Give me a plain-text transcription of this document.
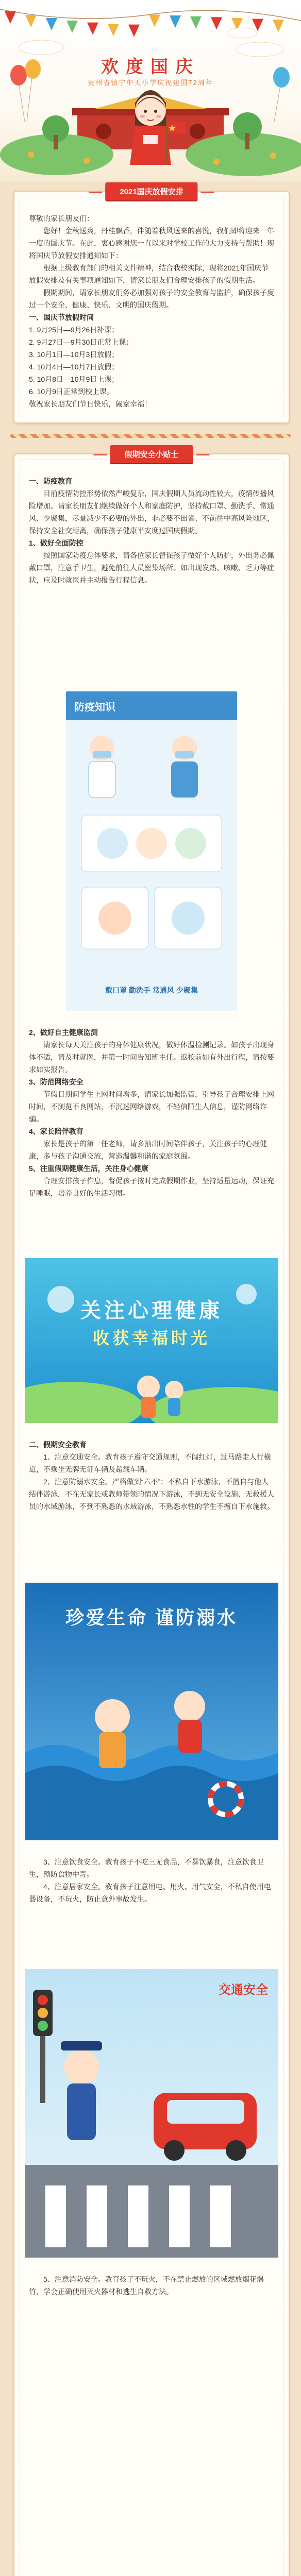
欢度国庆
贵州省镇宁中天小学庆祝建国72周年
2021国庆放假安排

尊敬的家长朋友们：

您好！金秋送爽，丹桂飘香，伴随着秋风送来的喜悦，我们即将迎来一年一度的国庆节。在此，衷心感谢您一直以来对学校工作的大力支持与帮助！现将国庆节放假安排通知如下：

根据上级教育部门的相关文件精神，结合我校实际，现将2021年国庆节放假安排及有关事项通知如下，请家长朋友们合理安排孩子的假期生活。

假期期间，请家长朋友们务必加强对孩子的安全教育与监护，确保孩子度过一个安全、健康、快乐、文明的国庆假期。

一、国庆节放假时间

1. 9月25日—9月26日补课；

2. 9月27日—9月30日正常上课；

3. 10月1日—10月3日放假；

4. 10月4日—10月7日放假；

5. 10月8日—10月9日上课；

6. 10月9日正常到校上课。

敬祝家长朋友们节日快乐，阖家幸福！

假期安全小贴士

一、防疫教育

目前疫情防控形势依然严峻复杂，国庆假期人员流动性较大，疫情传播风险增加。请家长朋友们继续做好个人和家庭防护，坚持戴口罩、勤洗手、常通风、少聚集，尽量减少不必要的外出，非必要不出省、不前往中高风险地区，保持安全社交距离，确保孩子健康平安度过国庆假期。

1、做好全面防控

按照国家防疫总体要求，请各位家长督促孩子做好个人防护，外出务必佩戴口罩，注意手卫生，避免前往人员密集场所。如出现发热、咳嗽、乏力等症状，应及时就医并主动报告行程信息。

防疫知识
戴口罩 勤洗手 常通风 少聚集

2、做好自主健康监测

请家长每天关注孩子的身体健康状况，做好体温检测记录。如孩子出现身体不适，请及时就医，并第一时间告知班主任。返校前如有外出行程，请按要求如实报告。

3、防范网络安全

节假日期间学生上网时间增多，请家长加强监管，引导孩子合理安排上网时间，不浏览不良网站，不沉迷网络游戏，不轻信陌生人信息，谨防网络诈骗。

4、家长陪伴教育

家长是孩子的第一任老师，请多抽出时间陪伴孩子，关注孩子的心理健康，多与孩子沟通交流，营造温馨和谐的家庭氛围。

5、注重假期健康生活，关注身心健康

合理安排孩子作息，督促孩子按时完成假期作业，坚持适量运动，保证充足睡眠，培养良好的生活习惯。

关注心理健康
收获幸福时光

二、假期安全教育

1、注意交通安全。教育孩子遵守交通规则，不闯红灯，过马路走人行横道，不乘坐无牌无证车辆及超载车辆。

2、注意防溺水安全。严格做到“六不”：不私自下水游泳，不擅自与他人结伴游泳，不在无家长或教师带领的情况下游泳，不到无安全设施、无救援人员的水域游泳，不到不熟悉的水域游泳，不熟悉水性的学生不擅自下水施救。

珍爱生命 谨防溺水

3、注意饮食安全。教育孩子不吃三无食品，不暴饮暴食，注意饮食卫生，预防食物中毒。

4、注意居家安全。教育孩子注意用电、用火、用气安全，不私自使用电器设备，不玩火，防止意外事故发生。

交通安全

5、注意消防安全。教育孩子不玩火，不在禁止燃放的区域燃放烟花爆竹，学会正确使用灭火器材和逃生自救方法。
